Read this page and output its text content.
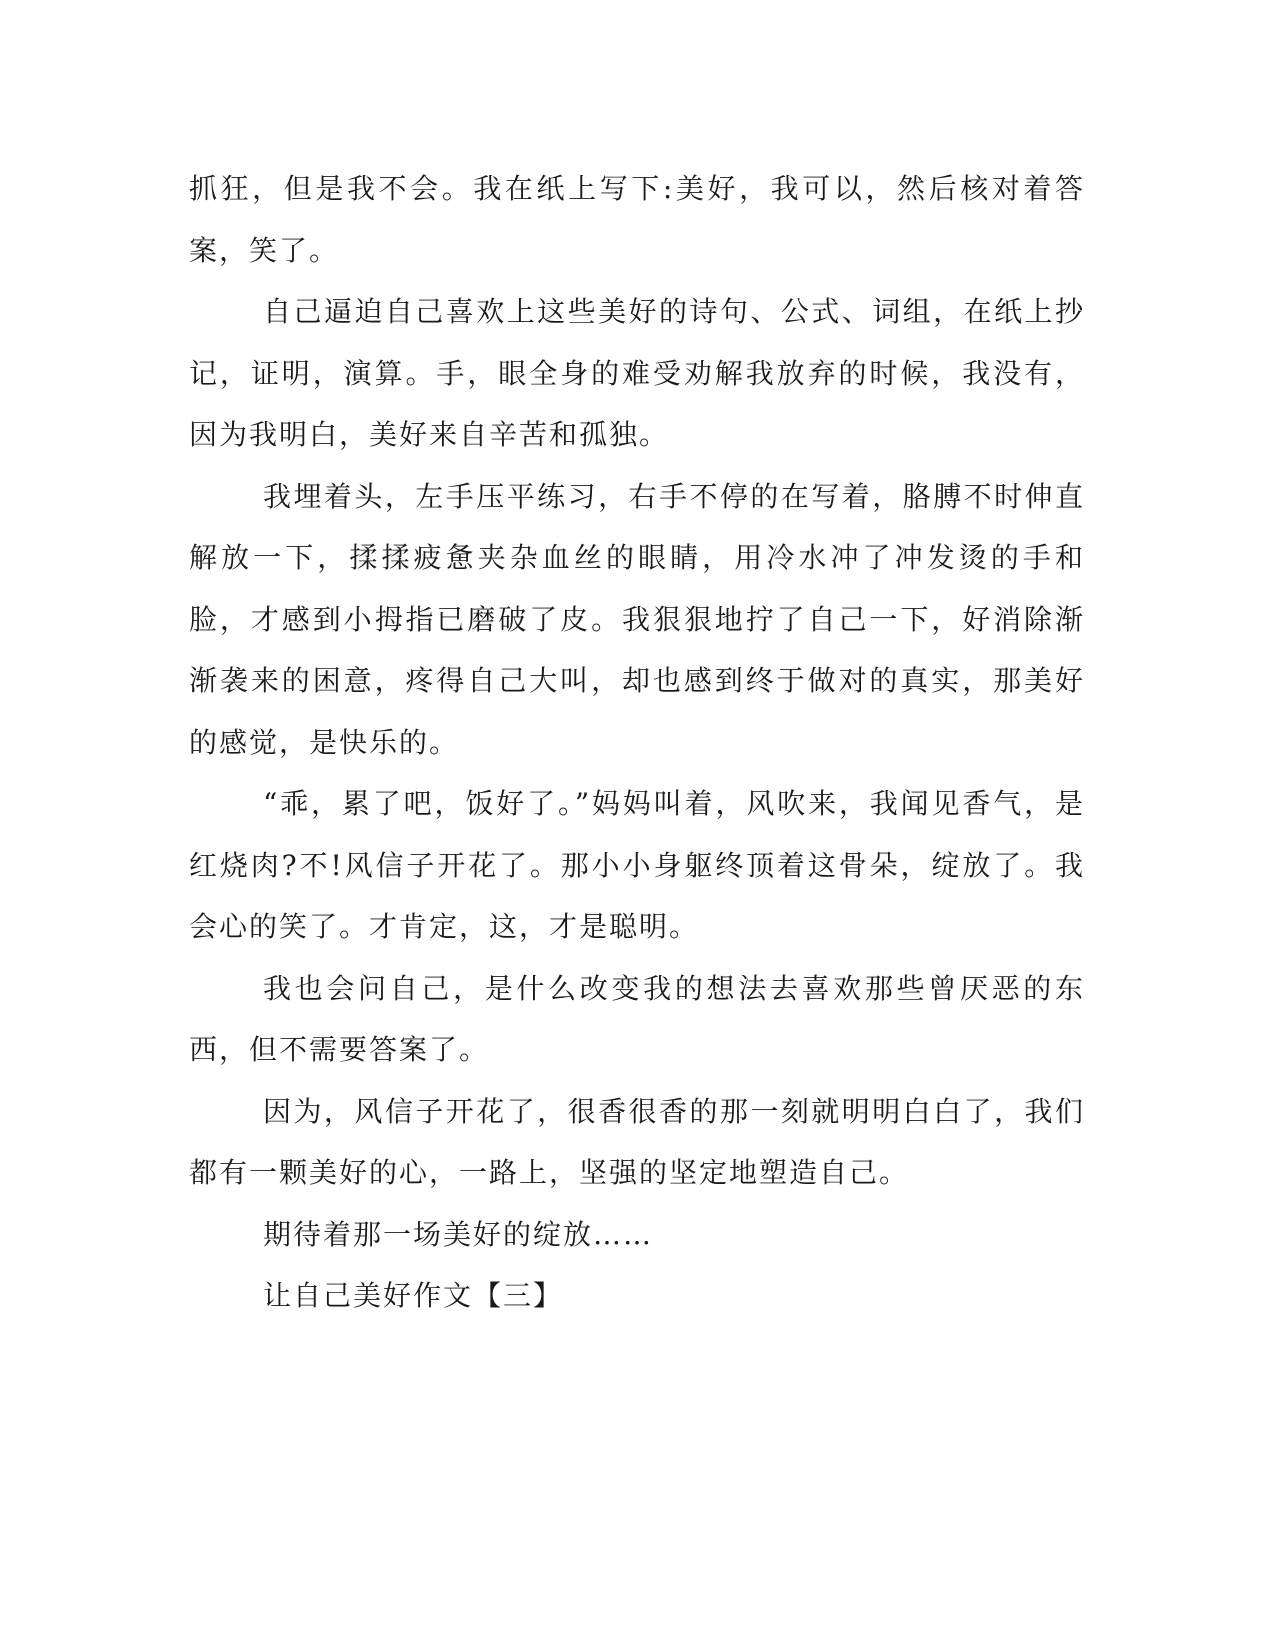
抓狂，但是我不会。我在纸上写下:美好，我可以，然后核对着答案，笑了。

自己逼迫自己喜欢上这些美好的诗句、公式、词组，在纸上抄记，证明，演算。手，眼全身的难受劝解我放弃的时候，我没有，因为我明白，美好来自辛苦和孤独。

我埋着头，左手压平练习，右手不停的在写着，胳膊不时伸直解放一下，揉揉疲惫夹杂血丝的眼睛，用冷水冲了冲发烫的手和脸，才感到小拇指已磨破了皮。我狠狠地拧了自己一下，好消除渐渐袭来的困意，疼得自己大叫，却也感到终于做对的真实，那美好的感觉，是快乐的。

“乖，累了吧，饭好了。”妈妈叫着，风吹来，我闻见香气，是红烧肉?不!风信子开花了。那小小身躯终顶着这骨朵，绽放了。我会心的笑了。才肯定，这，才是聪明。

我也会问自己，是什么改变我的想法去喜欢那些曾厌恶的东西，但不需要答案了。

因为，风信子开花了，很香很香的那一刻就明明白白了，我们都有一颗美好的心，一路上，坚强的坚定地塑造自己。

期待着那一场美好的绽放……

让自己美好作文【三】
